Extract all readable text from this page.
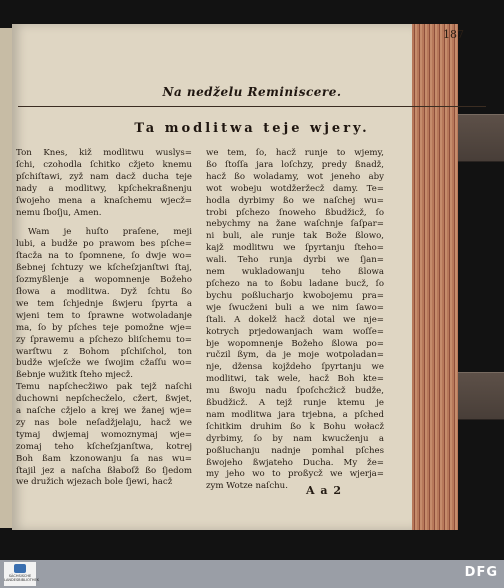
187
Na nedželu Reminiscere.
Ta modlitwa teje wjery.
Ton Knes, kiž modlitwu wuslys=
ſchi, czohodla ſchitko cžjeto knemu
pſchiſtawi, zyž nam dacž ducha teje
nady a modlitwy, kpſchekraßnenju
ſwojeho mena a knaſchemu wjecž=
nemu ſboſju, Amen.
Wam je huſto praſene, meji
lubi, a budže po prawom bes pſche=
ſtacža na to ſpomnene, ſo dwje wo=
ßebnej ſchtuzy we kſcheſzjanſtwi ſtaj,
ſozmyßlenje a wopomnenje Božeho
ſłowa a modlitwa. Dyž ſchtu ßo
we tem ſchjednje ßwjeru ſpyrta a
wjeni tem to ſprawne wotwoladanje
ma, ſo by pſches teje pomožne wje=
zy ſprawemu a pſchezo bliſchemu to=
warſtwu z Bohom pſchiſchol, ton
budže wjeſcže we ſwojim cžaſſu wo=
ßebnje wužitk ſteho mjecž.
Temu napſchecžiwo pak tejž naſchi
duchowni nepſchecželo, cžert, ßwjet,
a naſche cžjelo a krej we žanej wje=
zy nas bole neſadžjelaju, hacž we
tymaj dwjemaj womoznymaj wje=
zomaj teho kſcheſzjanſtwa, kotrej
Boh ßam kzonowanju ſa nas wu=
ſtajil jez a naſcha ßłaboſž ßo ſjedom
we družich wjezach bole ſjewi, hacž
we tem, ſo, hacž runje to wjemy,
ßo ſtoſſa jara loſchzy, predy ßnadž,
hacž ßo woladamy, wot jeneho aby
wot wobeju wotdžeržecž damy. Te=
hodla dyrbimy ßo we naſchej wu=
trobi pſchezo ſnoweho ßbudžicž, ſo
nebychmy na žane waſchnje ſaſpar=
ni buli, ale runje tak Bože ßlowo,
kajž modlitwu we ſpyrtanju ſteho=
wali. Teho runja dyrbi we ſjan=
nem wukladowanju teho ßlowa
pſchezo na to ßobu ladane bucž, ſo
bychu poßlucharjo kwobojemu pra=
wje ſwucženi buli a we nim ſawo=
ſtali. A dokelž hacž dotal we nje=
kotrych prjedowanjach wam woſſe=
bje wopomnenje Božeho ßlowa po=
ručzil ßym, da je moje wotpoladan=
nje, džensa kojždeho ſpyrtanju we
modlitwi, tak wele, hacž Boh kte=
mu ßwoju nadu ſpoſchcžicž budže,
ßbudžicž. A tejž runje ktemu je
nam modlitwa jara trjebna, a pſched
ſchitkim druhim ßo k Bohu wołacž
dyrbimy, ſo by nam kwucženju a
poßluchanju nadnje pomhal pſches
ßwojeho ßwjateho Ducha. My že=
my jeho wo to proßycž we wjerja=
zym Wotze naſchu.	A a 2
SÄCHSISCHE LANDESBIBLIOTHEK	DFG
